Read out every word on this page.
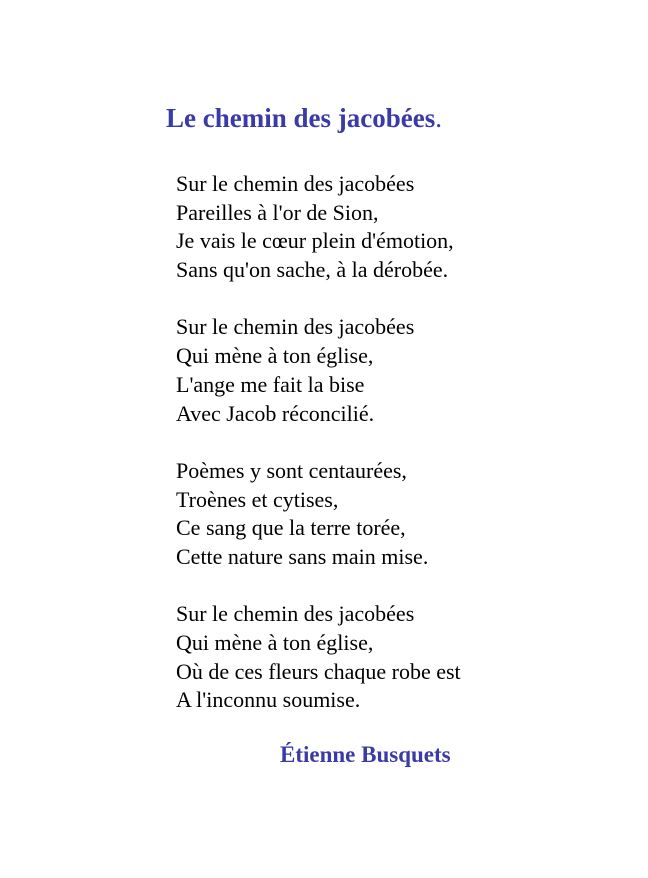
Le chemin des jacobées.
Sur le chemin des jacobées
Pareilles à l'or de Sion,
Je vais le cœur plein d'émotion,
Sans qu'on sache, à la dérobée.
Sur le chemin des jacobées
Qui mène à ton église,
L'ange me fait la bise
Avec Jacob réconcilié.
Poèmes y sont centaurées,
Troènes et cytises,
Ce sang que la terre torée,
Cette nature sans main mise.
Sur le chemin des jacobées
Qui mène à ton église,
Où de ces fleurs chaque robe est
A l'inconnu soumise.

Étienne Busquets
